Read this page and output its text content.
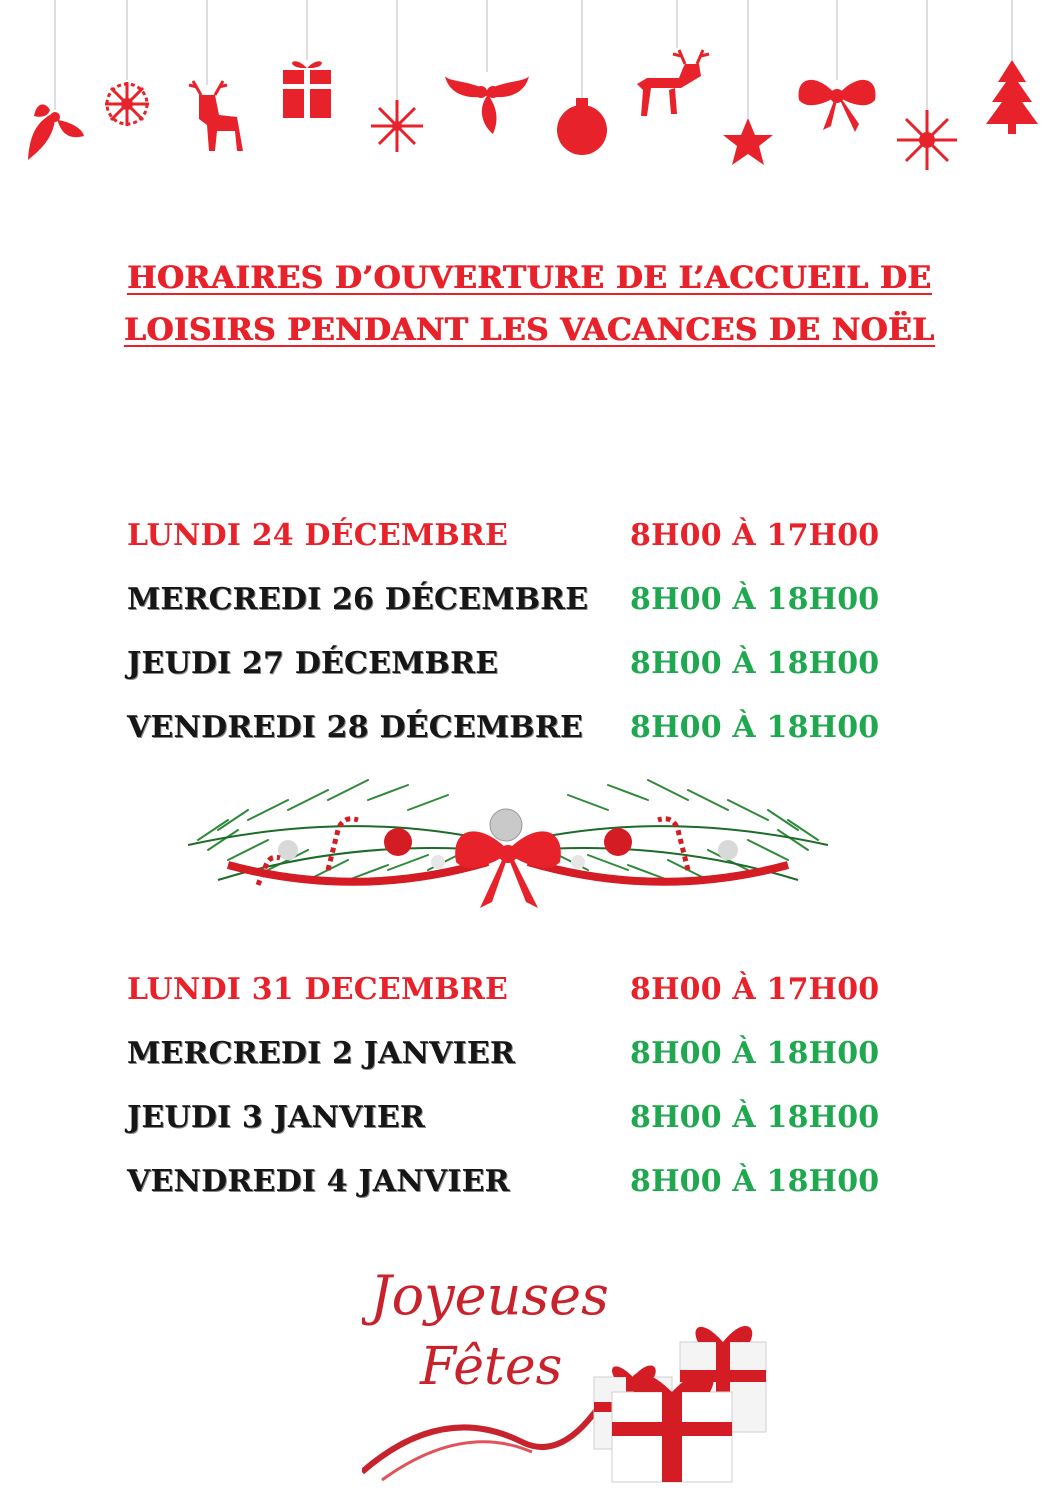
HORAIRES D’OUVERTURE DE L’ACCUEIL DE
LOISIRS PENDANT LES VACANCES DE NOËL
LUNDI 24 DÉCEMBRE	8H00 À 17H00
MERCREDI 26 DÉCEMBRE 8H00 À 18H00
JEUDI 27 DÉCEMBRE	8H00 À 18H00
VENDREDI 28 DÉCEMBRE 8H00 À 18H00
LUNDI 31 DECEMBRE	8H00 À 17H00
MERCREDI 2 JANVIER	8H00 À 18H00
JEUDI 3 JANVIER	8H00 À 18H00
VENDREDI 4 JANVIER	8H00 À 18H00
Joyeuses
Fêtes
